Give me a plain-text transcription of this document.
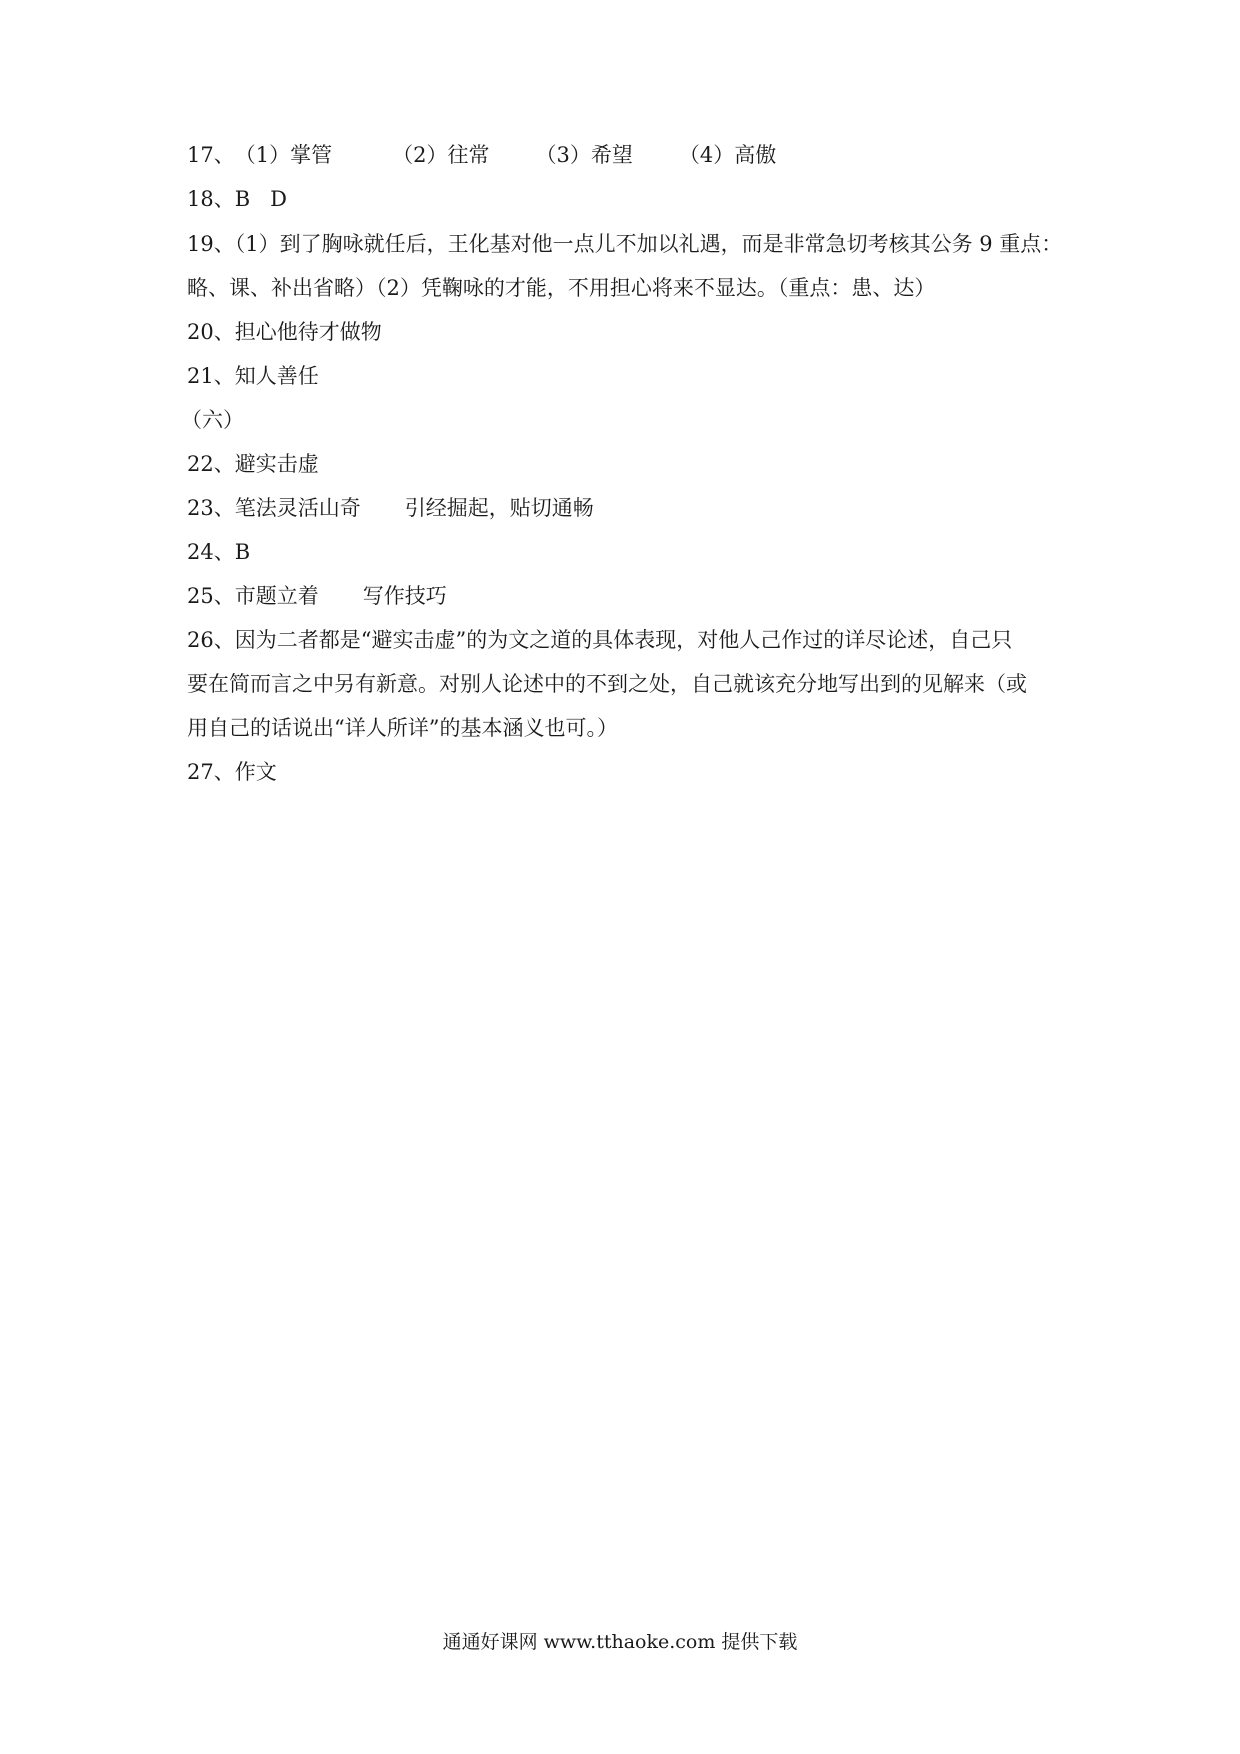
17、（1）掌管	（2）往常 （3）希望 （4）高傲
18、B D
19、（1）到了胸咏就任后，王化基对他一点儿不加以礼遇，而是非常急切考核其公务 9 重点：
略、课、补出省略）（2）凭鞠咏的才能，不用担心将来不显达。（重点：患、达）
20、担心他待才做物
21、知人善任
（六）
22、避实击虚
23、笔法灵活山奇 引经掘起，贴切通畅
24、B
25、市题立着 写作技巧
26、因为二者都是“避实击虚”的为文之道的具体表现，对他人己作过的详尽论述，自己只
要在简而言之中另有新意。对别人论述中的不到之处，自己就该充分地写出到的见解来（或
用自己的话说出“详人所详”的基本涵义也可。）
27、作文
通通好课网 www.tthaoke.com 提供下载
